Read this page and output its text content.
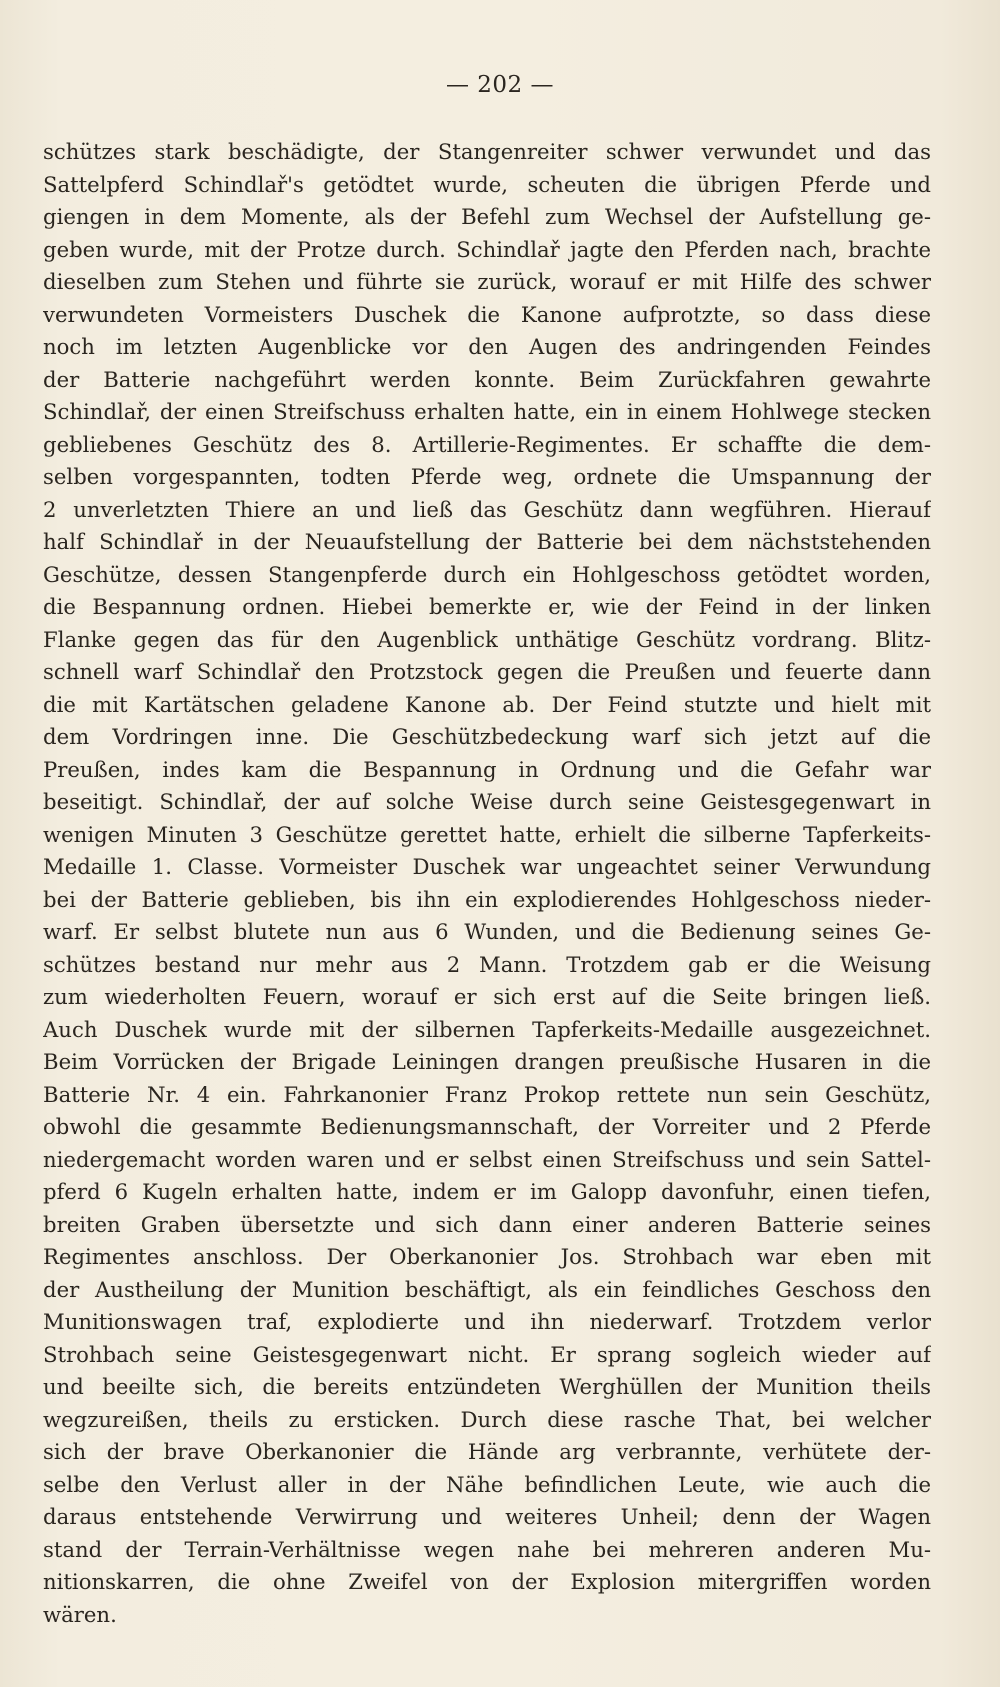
— 202 —
schützes stark beschädigte, der Stangenreiter schwer verwundet und das
Sattelpferd Schindlař's getödtet wurde, scheuten die übrigen Pferde und
giengen in dem Momente, als der Befehl zum Wechsel der Aufstellung ge-
geben wurde, mit der Protze durch. Schindlař jagte den Pferden nach, brachte
dieselben zum Stehen und führte sie zurück, worauf er mit Hilfe des schwer
verwundeten Vormeisters Duschek die Kanone aufprotzte, so dass diese
noch im letzten Augenblicke vor den Augen des andringenden Feindes
der Batterie nachgeführt werden konnte. Beim Zurückfahren gewahrte
Schindlař, der einen Streifschuss erhalten hatte, ein in einem Hohlwege stecken
gebliebenes Geschütz des 8. Artillerie-Regimentes. Er schaffte die dem-
selben vorgespannten, todten Pferde weg, ordnete die Umspannung der
2 unverletzten Thiere an und ließ das Geschütz dann wegführen. Hierauf
half Schindlař in der Neuaufstellung der Batterie bei dem nächststehenden
Geschütze, dessen Stangenpferde durch ein Hohlgeschoss getödtet worden,
die Bespannung ordnen. Hiebei bemerkte er, wie der Feind in der linken
Flanke gegen das für den Augenblick unthätige Geschütz vordrang. Blitz-
schnell warf Schindlař den Protzstock gegen die Preußen und feuerte dann
die mit Kartätschen geladene Kanone ab. Der Feind stutzte und hielt mit
dem Vordringen inne. Die Geschützbedeckung warf sich jetzt auf die
Preußen, indes kam die Bespannung in Ordnung und die Gefahr war
beseitigt. Schindlař, der auf solche Weise durch seine Geistesgegenwart in
wenigen Minuten 3 Geschütze gerettet hatte, erhielt die silberne Tapferkeits-
Medaille 1. Classe. Vormeister Duschek war ungeachtet seiner Verwundung
bei der Batterie geblieben, bis ihn ein explodierendes Hohlgeschoss nieder-
warf. Er selbst blutete nun aus 6 Wunden, und die Bedienung seines Ge-
schützes bestand nur mehr aus 2 Mann. Trotzdem gab er die Weisung
zum wiederholten Feuern, worauf er sich erst auf die Seite bringen ließ.
Auch Duschek wurde mit der silbernen Tapferkeits-Medaille ausgezeichnet.
Beim Vorrücken der Brigade Leiningen drangen preußische Husaren in die
Batterie Nr. 4 ein. Fahrkanonier Franz Prokop rettete nun sein Geschütz,
obwohl die gesammte Bedienungsmannschaft, der Vorreiter und 2 Pferde
niedergemacht worden waren und er selbst einen Streifschuss und sein Sattel-
pferd 6 Kugeln erhalten hatte, indem er im Galopp davonfuhr, einen tiefen,
breiten Graben übersetzte und sich dann einer anderen Batterie seines
Regimentes anschloss. Der Oberkanonier Jos. Strohbach war eben mit
der Austheilung der Munition beschäftigt, als ein feindliches Geschoss den
Munitionswagen traf, explodierte und ihn niederwarf. Trotzdem verlor
Strohbach seine Geistesgegenwart nicht. Er sprang sogleich wieder auf
und beeilte sich, die bereits entzündeten Werghüllen der Munition theils
wegzureißen, theils zu ersticken. Durch diese rasche That, bei welcher
sich der brave Oberkanonier die Hände arg verbrannte, verhütete der-
selbe den Verlust aller in der Nähe befindlichen Leute, wie auch die
daraus entstehende Verwirrung und weiteres Unheil; denn der Wagen
stand der Terrain-Verhältnisse wegen nahe bei mehreren anderen Mu-
nitionskarren, die ohne Zweifel von der Explosion mitergriffen worden
wären.
